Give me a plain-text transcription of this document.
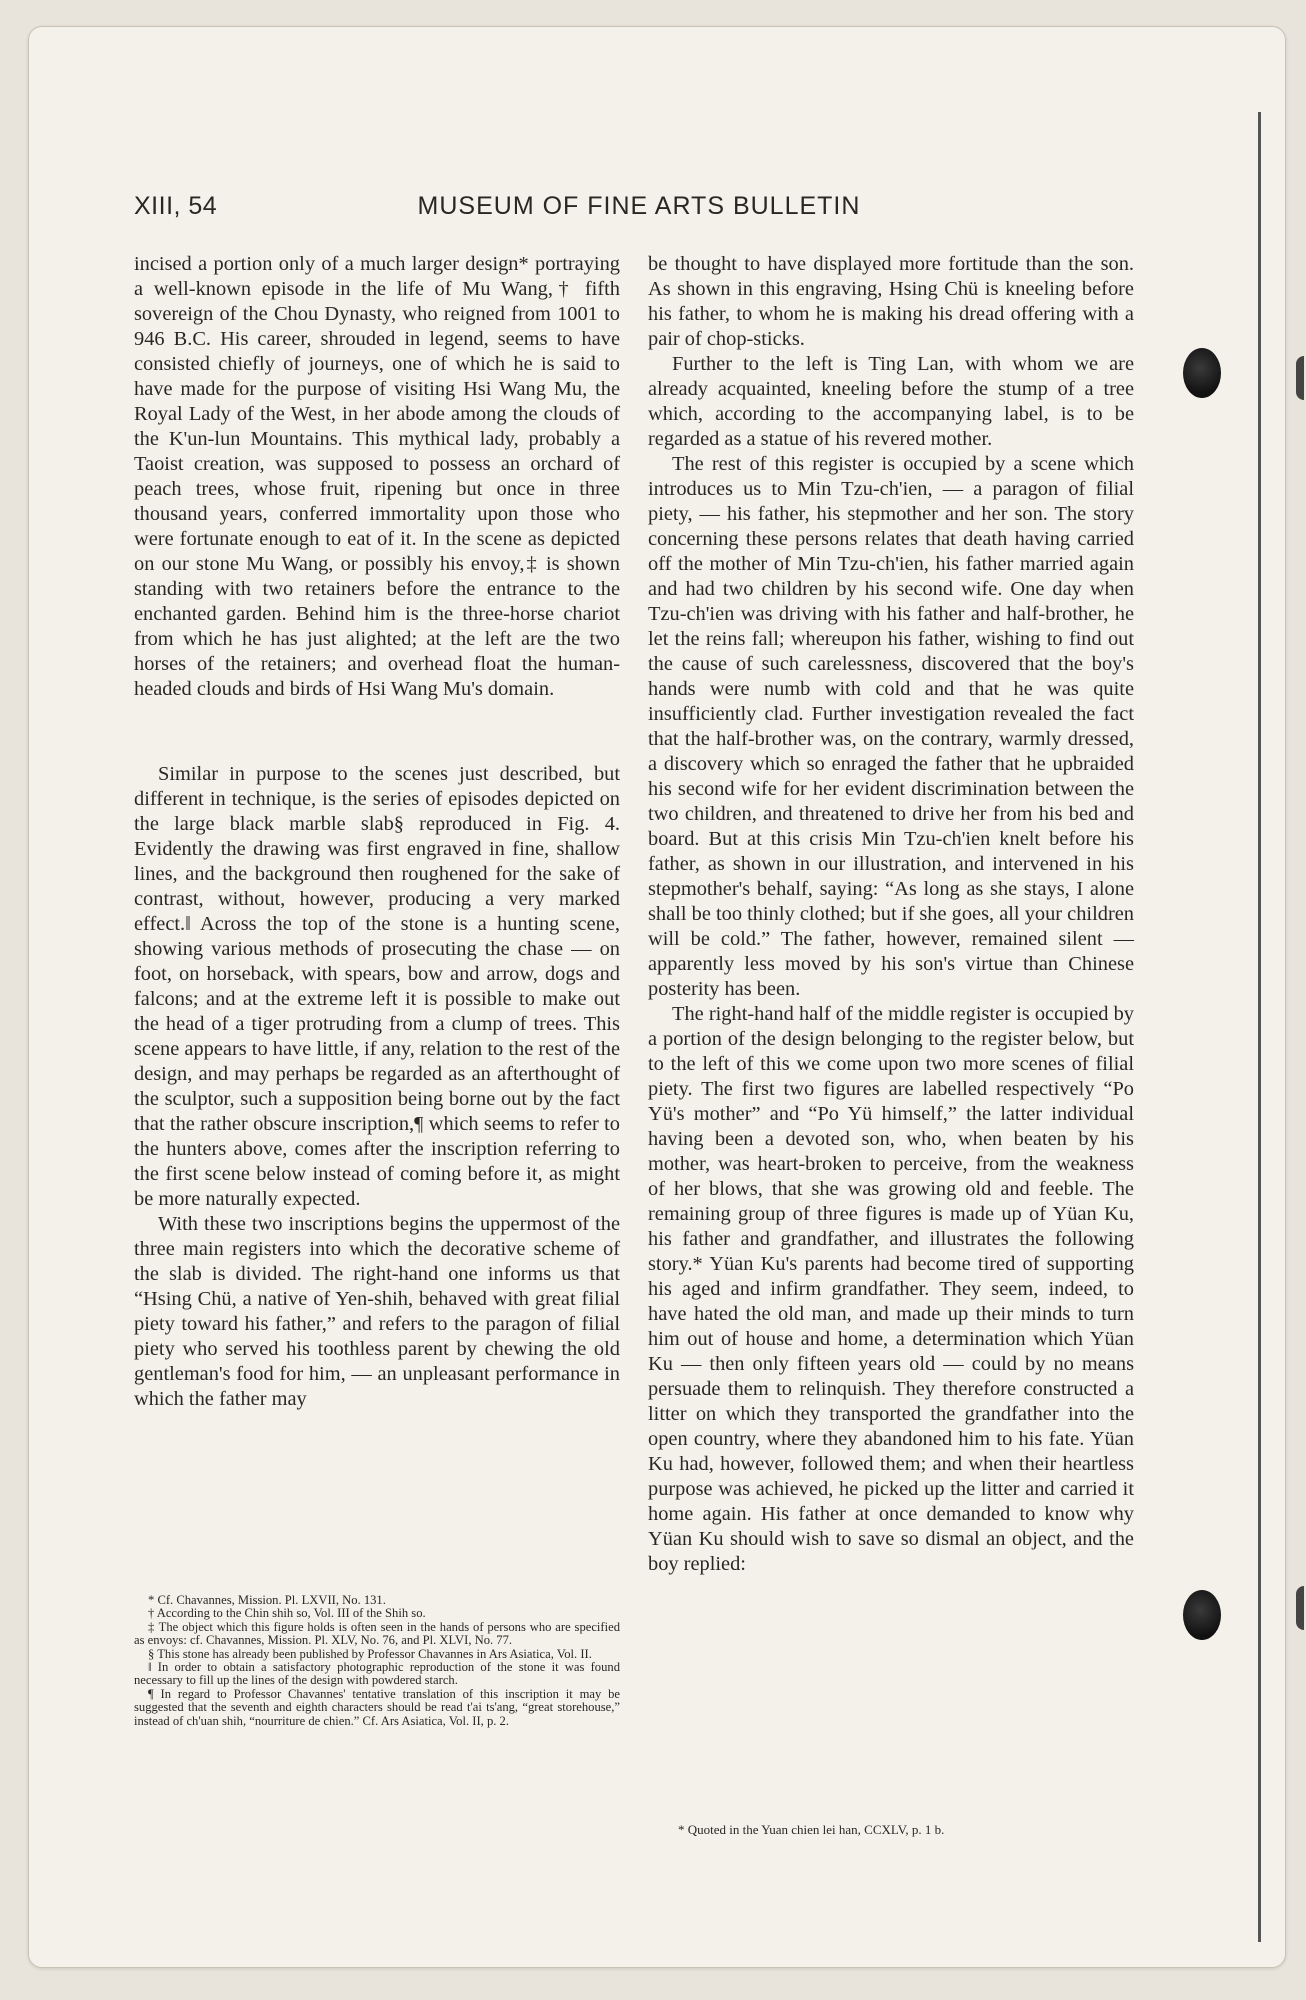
XIII, 54	MUSEUM OF FINE ARTS BULLETIN

incised a portion only of a much larger design* portraying a well-known episode in the life of Mu Wang,† fifth sovereign of the Chou Dynasty, who reigned from 1001 to 946 B.C. His career, shrouded in legend, seems to have consisted chiefly of journeys, one of which he is said to have made for the purpose of visiting Hsi Wang Mu, the Royal Lady of the West, in her abode among the clouds of the K'un-lun Mountains. This mythical lady, probably a Taoist creation, was supposed to possess an orchard of peach trees, whose fruit, ripening but once in three thousand years, conferred immortality upon those who were fortunate enough to eat of it. In the scene as depicted on our stone Mu Wang, or possibly his envoy,‡ is shown standing with two retainers before the entrance to the enchanted garden. Behind him is the three-horse chariot from which he has just alighted; at the left are the two horses of the retainers; and overhead float the human-headed clouds and birds of Hsi Wang Mu's domain.

Similar in purpose to the scenes just described, but different in technique, is the series of episodes depicted on the large black marble slab§ reproduced in Fig. 4. Evidently the drawing was first engraved in fine, shallow lines, and the background then roughened for the sake of contrast, without, however, producing a very marked effect.‖ Across the top of the stone is a hunting scene, showing various methods of prosecuting the chase — on foot, on horseback, with spears, bow and arrow, dogs and falcons; and at the extreme left it is possible to make out the head of a tiger protruding from a clump of trees. This scene appears to have little, if any, relation to the rest of the design, and may perhaps be regarded as an afterthought of the sculptor, such a supposition being borne out by the fact that the rather obscure inscription,¶ which seems to refer to the hunters above, comes after the inscription referring to the first scene below instead of coming before it, as might be more naturally expected.

With these two inscriptions begins the uppermost of the three main registers into which the decorative scheme of the slab is divided. The right-hand one informs us that “Hsing Chü, a native of Yen-shih, behaved with great filial piety toward his father,” and refers to the paragon of filial piety who served his toothless parent by chewing the old gentleman's food for him, — an unpleasant performance in which the father may

be thought to have displayed more fortitude than the son. As shown in this engraving, Hsing Chü is kneeling before his father, to whom he is making his dread offering with a pair of chop-sticks.

Further to the left is Ting Lan, with whom we are already acquainted, kneeling before the stump of a tree which, according to the accompanying label, is to be regarded as a statue of his revered mother.

The rest of this register is occupied by a scene which introduces us to Min Tzu-ch'ien, — a paragon of filial piety, — his father, his stepmother and her son. The story concerning these persons relates that death having carried off the mother of Min Tzu-ch'ien, his father married again and had two children by his second wife. One day when Tzu-ch'ien was driving with his father and half-brother, he let the reins fall; whereupon his father, wishing to find out the cause of such carelessness, discovered that the boy's hands were numb with cold and that he was quite insufficiently clad. Further investigation revealed the fact that the half-brother was, on the contrary, warmly dressed, a discovery which so enraged the father that he upbraided his second wife for her evident discrimination between the two children, and threatened to drive her from his bed and board. But at this crisis Min Tzu-ch'ien knelt before his father, as shown in our illustration, and intervened in his stepmother's behalf, saying: “As long as she stays, I alone shall be too thinly clothed; but if she goes, all your children will be cold.” The father, however, remained silent — apparently less moved by his son's virtue than Chinese posterity has been.

The right-hand half of the middle register is occupied by a portion of the design belonging to the register below, but to the left of this we come upon two more scenes of filial piety. The first two figures are labelled respectively “Po Yü's mother” and “Po Yü himself,” the latter individual having been a devoted son, who, when beaten by his mother, was heart-broken to perceive, from the weakness of her blows, that she was growing old and feeble. The remaining group of three figures is made up of Yüan Ku, his father and grandfather, and illustrates the following story.* Yüan Ku's parents had become tired of supporting his aged and infirm grandfather. They seem, indeed, to have hated the old man, and made up their minds to turn him out of house and home, a determination which Yüan Ku — then only fifteen years old — could by no means persuade them to relinquish. They therefore constructed a litter on which they transported the grandfather into the open country, where they abandoned him to his fate. Yüan Ku had, however, followed them; and when their heartless purpose was achieved, he picked up the litter and carried it home again. His father at once demanded to know why Yüan Ku should wish to save so dismal an object, and the boy replied:

* Cf. Chavannes, Mission. Pl. LXVII, No. 131.

† According to the Chin shih so, Vol. III of the Shih so.

‡ The object which this figure holds is often seen in the hands of persons who are specified as envoys: cf. Chavannes, Mission. Pl. XLV, No. 76, and Pl. XLVI, No. 77.

§ This stone has already been published by Professor Chavannes in Ars Asiatica, Vol. II.

‖ In order to obtain a satisfactory photographic reproduction of the stone it was found necessary to fill up the lines of the design with powdered starch.

¶ In regard to Professor Chavannes' tentative translation of this inscription it may be suggested that the seventh and eighth characters should be read t'ai ts'ang, “great storehouse,” instead of ch'uan shih, “nourriture de chien.” Cf. Ars Asiatica, Vol. II, p. 2.

* Quoted in the Yuan chien lei han, CCXLV, p. 1 b.
